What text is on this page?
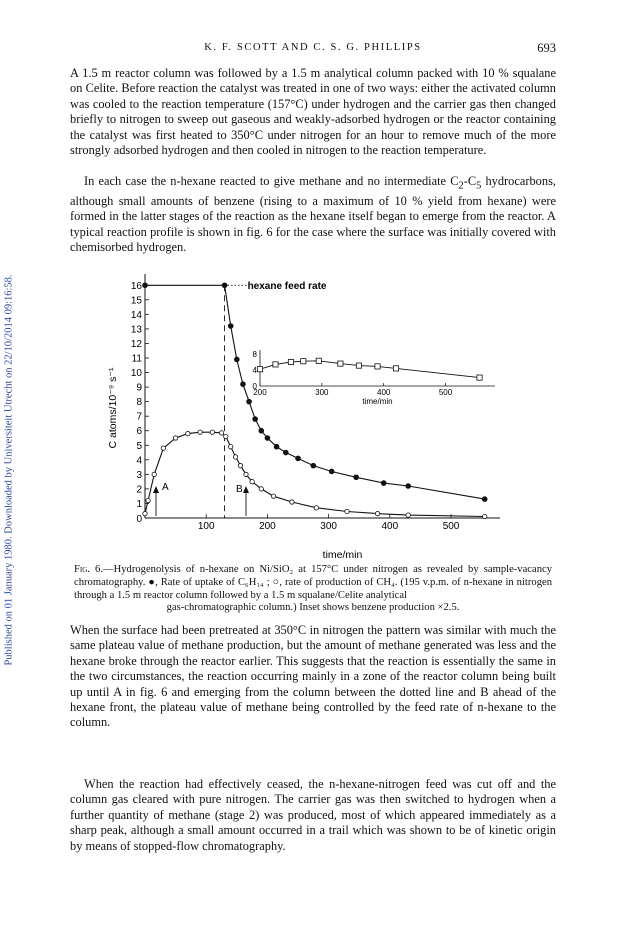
Published on 01 January 1980. Downloaded by Universiteit Utrecht on 22/10/2014 09:16:58.
K. F. SCOTT AND C. S. G. PHILLIPS	693

A 1.5 m reactor column was followed by a 1.5 m analytical column packed with 10 % squalane on Celite. Before reaction the catalyst was treated in one of two ways: either the activated column was cooled to the reaction temperature (157°C) under hydrogen and the carrier gas then changed briefly to nitrogen to sweep out gaseous and weakly-adsorbed hydrogen or the reactor containing the catalyst was first heated to 350°C under nitrogen for an hour to remove much of the more strongly adsorbed hydrogen and then cooled in nitrogen to the reaction temperature.

In each case the n-hexane reacted to give methane and no intermediate $C_2-C_5$ hydrocarbons, although small amounts of benzene (rising to a maximum of 10 % yield from hexane) were formed in the latter stages of the reaction as the hexane itself began to emerge from the reactor. A typical reaction profile is shown in fig. 6 for the case where the surface was initially covered with chemisorbed hydrogen.

1
2
3
4
5
6
7
8
9
10
11
12
13
14
15
16
0
100	200	300	400	500
time/min
C atoms/10⁻⁹ s⁻¹
hexane feed rate
A	B
0
4
8
200	300	400	500
time/min
Fig. 6.—Hydrogenolysis of n-hexane on Ni/SiO₂ at 157°C under nitrogen as revealed by sample-vacancy chromatography. ●, Rate of uptake of C₆H₁₄ ; ○, rate of production of CH₄. (195 v.p.m. of n-hexane in nitrogen through a 1.5 m reactor column followed by a 1.5 m squalane/Celite analytical
gas-chromatographic column.) Inset shows benzene production ×2.5.

When the surface had been pretreated at 350°C in nitrogen the pattern was similar with much the same plateau value of methane production, but the amount of methane generated was less and the hexane broke through the reactor earlier. This suggests that the reaction is essentially the same in the two circumstances, the reaction occurring mainly in a zone of the reactor column being built up until A in fig. 6 and emerging from the column between the dotted line and B ahead of the hexane front, the plateau value of methane being controlled by the feed rate of n-hexane to the column.

When the reaction had effectively ceased, the n-hexane-nitrogen feed was cut off and the column gas cleared with pure nitrogen. The carrier gas was then switched to hydrogen when a further quantity of methane (stage 2) was produced, most of which appeared immediately as a sharp peak, although a small amount occurred in a trail which was shown to be of kinetic origin by means of stopped-flow chromatography.
